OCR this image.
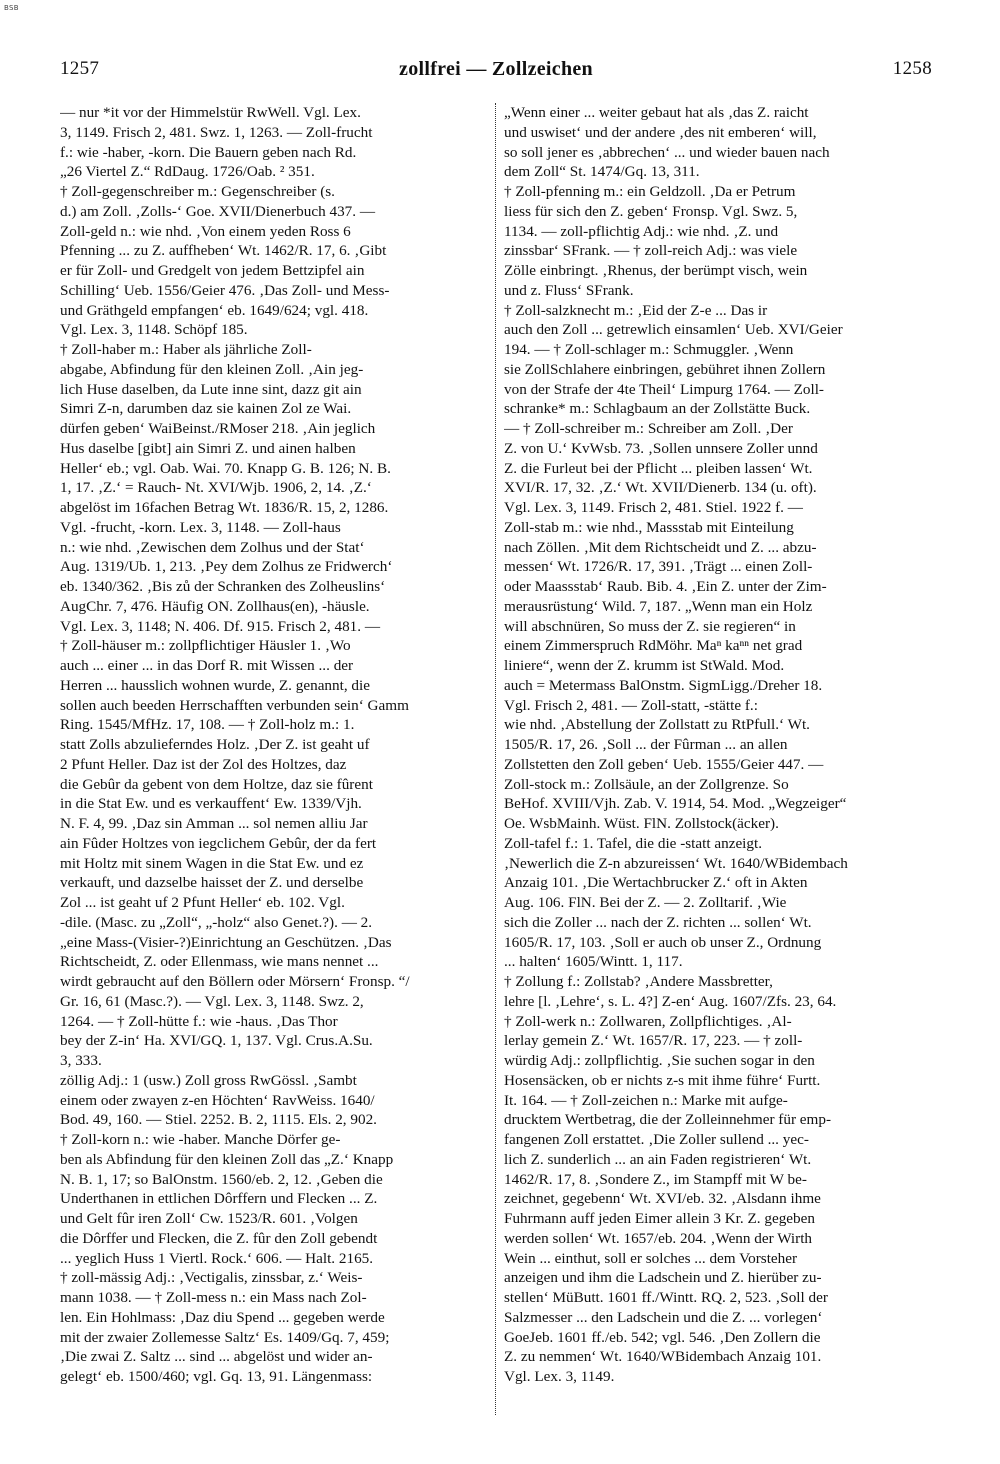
BSB
1257	zollfrei — Zollzeichen	1258
— nur *it vor der Himmelstür RwWell. Vgl. Lex.
3, 1149. Frisch 2, 481. Swz. 1, 1263. — Zoll-frucht
f.: wie -haber, -korn. Die Bauern geben nach Rd.
„26 Viertel Z.“ RdDaug. 1726/Oab. ² 351.
† Zoll-gegenschreiber m.: Gegenschreiber (s.
d.) am Zoll. ‚Zolls-‘ Goe. XVII/Dienerbuch 437. —
Zoll-geld n.: wie nhd. ‚Von einem yeden Ross 6
Pfenning ... zu Z. auffheben‘ Wt. 1462/R. 17, 6. ‚Gibt
er für Zoll- und Gredgelt von jedem Bettzipfel ain
Schilling‘ Ueb. 1556/Geier 476. ‚Das Zoll- und Mess-
und Gräthgeld empfangen‘ eb. 1649/624; vgl. 418.
Vgl. Lex. 3, 1148. Schöpf 185.
† Zoll-haber m.: Haber als jährliche Zoll-
abgabe, Abfindung für den kleinen Zoll. ‚Ain jeg-
lich Huse daselben, da Lute inne sint, dazz git ain
Simri Z-n, darumben daz sie kainen Zol ze Wai.
dürfen geben‘ WaiBeinst./RMoser 218. ‚Ain jeglich
Hus daselbe [gibt] ain Simri Z. und ainen halben
Heller‘ eb.; vgl. Oab. Wai. 70. Knapp G. B. 126; N. B.
1, 17. ‚Z.‘ = Rauch- Nt. XVI/Wjb. 1906, 2, 14. ‚Z.‘
abgelöst im 16fachen Betrag Wt. 1836/R. 15, 2, 1286.
Vgl. -frucht, -korn. Lex. 3, 1148. — Zoll-haus
n.: wie nhd. ‚Zewischen dem Zolhus und der Stat‘
Aug. 1319/Ub. 1, 213. ‚Pey dem Zolhus ze Fridwerch‘
eb. 1340/362. ‚Bis zů der Schranken des Zolheuslins‘
AugChr. 7, 476. Häufig ON. Zollhaus(en), -häusle.
Vgl. Lex. 3, 1148; N. 406. Df. 915. Frisch 2, 481. —
† Zoll-häuser m.: zollpflichtiger Häusler 1. ‚Wo
auch ... einer ... in das Dorf R. mit Wissen ... der
Herren ... hausslich wohnen wurde, Z. genannt, die
sollen auch beeden Herrschafften verbunden sein‘ Gamm
Ring. 1545/MfHz. 17, 108. — † Zoll-holz m.: 1.
statt Zolls abzulieferndes Holz. ‚Der Z. ist geaht uf
2 Pfunt Heller. Daz ist der Zol des Holtzes, daz
die Gebûr da gebent von dem Holtze, daz sie fûrent
in die Stat Ew. und es verkauffent‘ Ew. 1339/Vjh.
N. F. 4, 99. ‚Daz sin Amman ... sol nemen alliu Jar
ain Fûder Holtzes von iegclichem Gebûr, der da fert
mit Holtz mit sinem Wagen in die Stat Ew. und ez
verkauft, und dazselbe haisset der Z. und derselbe
Zol ... ist geaht uf 2 Pfunt Heller‘ eb. 102. Vgl.
-dile. (Masc. zu „Zoll“, „-holz“ also Genet.?). — 2.
„eine Mass-(Visier-?)Einrichtung an Geschützen. ‚Das
Richtscheidt, Z. oder Ellenmass, wie mans nennet ...
wirdt gebraucht auf den Böllern oder Mörsern‘ Fronsp. “/
Gr. 16, 61 (Masc.?). — Vgl. Lex. 3, 1148. Swz. 2,
1264. — † Zoll-hütte f.: wie -haus. ‚Das Thor
bey der Z-in‘ Ha. XVI/GQ. 1, 137. Vgl. Crus.A.Su.
3, 333.
zöllig Adj.: 1 (usw.) Zoll gross RwGössl. ‚Sambt
einem oder zwayen z-en Höchten‘ RavWeiss. 1640/
Bod. 49, 160. — Stiel. 2252. B. 2, 1115. Els. 2, 902.
† Zoll-korn n.: wie -haber. Manche Dörfer ge-
ben als Abfindung für den kleinen Zoll das „Z.‘ Knapp
N. B. 1, 17; so BalOnstm. 1560/eb. 2, 12. ‚Geben die
Underthanen in ettlichen Dôrffern und Flecken ... Z.
und Gelt fûr iren Zoll‘ Cw. 1523/R. 601. ‚Volgen
die Dôrffer und Flecken, die Z. fûr den Zoll gebendt
... yeglich Huss 1 Viertl. Rock.‘ 606. — Halt. 2165.
† zoll-mässig Adj.: ‚Vectigalis, zinssbar, z.‘ Weis-
mann 1038. — † Zoll-mess n.: ein Mass nach Zol-
len. Ein Hohlmass: ‚Daz diu Spend ... gegeben werde
mit der zwaier Zollemesse Saltz‘ Es. 1409/Gq. 7, 459;
‚Die zwai Z. Saltz ... sind ... abgelöst und wider an-
gelegt‘ eb. 1500/460; vgl. Gq. 13, 91. Längenmass:
„Wenn einer ... weiter gebaut hat als ‚das Z. raicht
und uswiset‘ und der andere ‚des nit emberen‘ will,
so soll jener es ‚abbrechen‘ ... und wieder bauen nach
dem Zoll“ St. 1474/Gq. 13, 311.
† Zoll-pfenning m.: ein Geldzoll. ‚Da er Petrum
liess für sich den Z. geben‘ Fronsp. Vgl. Swz. 5,
1134. — zoll-pflichtig Adj.: wie nhd. ‚Z. und
zinssbar‘ SFrank. — † zoll-reich Adj.: was viele
Zölle einbringt. ‚Rhenus, der berümpt visch, wein
und z. Fluss‘ SFrank.
† Zoll-salzknecht m.: ‚Eid der Z-e ... Das ir
auch den Zoll ... getrewlich einsamlen‘ Ueb. XVI/Geier
194. — † Zoll-schlager m.: Schmuggler. ‚Wenn
sie ZollSchlahere einbringen, gebühret ihnen Zollern
von der Strafe der 4te Theil‘ Limpurg 1764. — Zoll-
schranke* m.: Schlagbaum an der Zollstätte Buck.
— † Zoll-schreiber m.: Schreiber am Zoll. ‚Der
Z. von U.‘ KvWsb. 73. ‚Sollen unnsere Zoller unnd
Z. die Furleut bei der Pflicht ... pleiben lassen‘ Wt.
XVI/R. 17, 32. ‚Z.‘ Wt. XVII/Dienerb. 134 (u. oft).
Vgl. Lex. 3, 1149. Frisch 2, 481. Stiel. 1922 f. —
Zoll-stab m.: wie nhd., Massstab mit Einteilung
nach Zöllen. ‚Mit dem Richtscheidt und Z. ... abzu-
messen‘ Wt. 1726/R. 17, 391. ‚Trägt ... einen Zoll-
oder Maassstab‘ Raub. Bib. 4. ‚Ein Z. unter der Zim-
merausrüstung‘ Wild. 7, 187. „Wenn man ein Holz
will abschnüren, So muss der Z. sie regieren“ in
einem Zimmerspruch RdMöhr. Maⁿ kaⁿⁿ net grad
liniere“, wenn der Z. krumm ist StWald. Mod.
auch = Metermass BalOnstm. SigmLigg./Dreher 18.
Vgl. Frisch 2, 481. — Zoll-statt, -stätte f.:
wie nhd. ‚Abstellung der Zollstatt zu RtPfull.‘ Wt.
1505/R. 17, 26. ‚Soll ... der Fûrman ... an allen
Zollstetten den Zoll geben‘ Ueb. 1555/Geier 447. —
Zoll-stock m.: Zollsäule, an der Zollgrenze. So
BeHof. XVIII/Vjh. Zab. V. 1914, 54. Mod. „Wegzeiger“
Oe. WsbMainh. Wüst. FlN. Zollstock(äcker).
Zoll-tafel f.: 1. Tafel, die die -statt anzeigt.
‚Newerlich die Z-n abzureissen‘ Wt. 1640/WBidembach
Anzaig 101. ‚Die Wertachbrucker Z.‘ oft in Akten
Aug. 106. FlN. Bei der Z. — 2. Zolltarif. ‚Wie
sich die Zoller ... nach der Z. richten ... sollen‘ Wt.
1605/R. 17, 103. ‚Soll er auch ob unser Z., Ordnung
... halten‘ 1605/Wintt. 1, 117.
† Zollung f.: Zollstab? ‚Andere Massbretter,
lehre [l. ‚Lehre‘, s. L. 4?] Z-en‘ Aug. 1607/Zfs. 23, 64.
† Zoll-werk n.: Zollwaren, Zollpflichtiges. ‚Al-
lerlay gemein Z.‘ Wt. 1657/R. 17, 223. — † zoll-
würdig Adj.: zollpflichtig. ‚Sie suchen sogar in den
Hosensäcken, ob er nichts z-s mit ihme führe‘ Furtt.
It. 164. — † Zoll-zeichen n.: Marke mit aufge-
drucktem Wertbetrag, die der Zolleinnehmer für emp-
fangenen Zoll erstattet. ‚Die Zoller sullend ... yec-
lich Z. sunderlich ... an ain Faden registrieren‘ Wt.
1462/R. 17, 8. ‚Sondere Z., im Stampff mit W be-
zeichnet, gegebenn‘ Wt. XVI/eb. 32. ‚Alsdann ihme
Fuhrmann auff jeden Eimer allein 3 Kr. Z. gegeben
werden sollen‘ Wt. 1657/eb. 204. ‚Wenn der Wirth
Wein ... einthut, soll er solches ... dem Vorsteher
anzeigen und ihm die Ladschein und Z. hierüber zu-
stellen‘ MüButt. 1601 ff./Wintt. RQ. 2, 523. ‚Soll der
Salzmesser ... den Ladschein und die Z. ... vorlegen‘
GoeJeb. 1601 ff./eb. 542; vgl. 546. ‚Den Zollern die
Z. zu nemmen‘ Wt. 1640/WBidembach Anzaig 101.
Vgl. Lex. 3, 1149.
